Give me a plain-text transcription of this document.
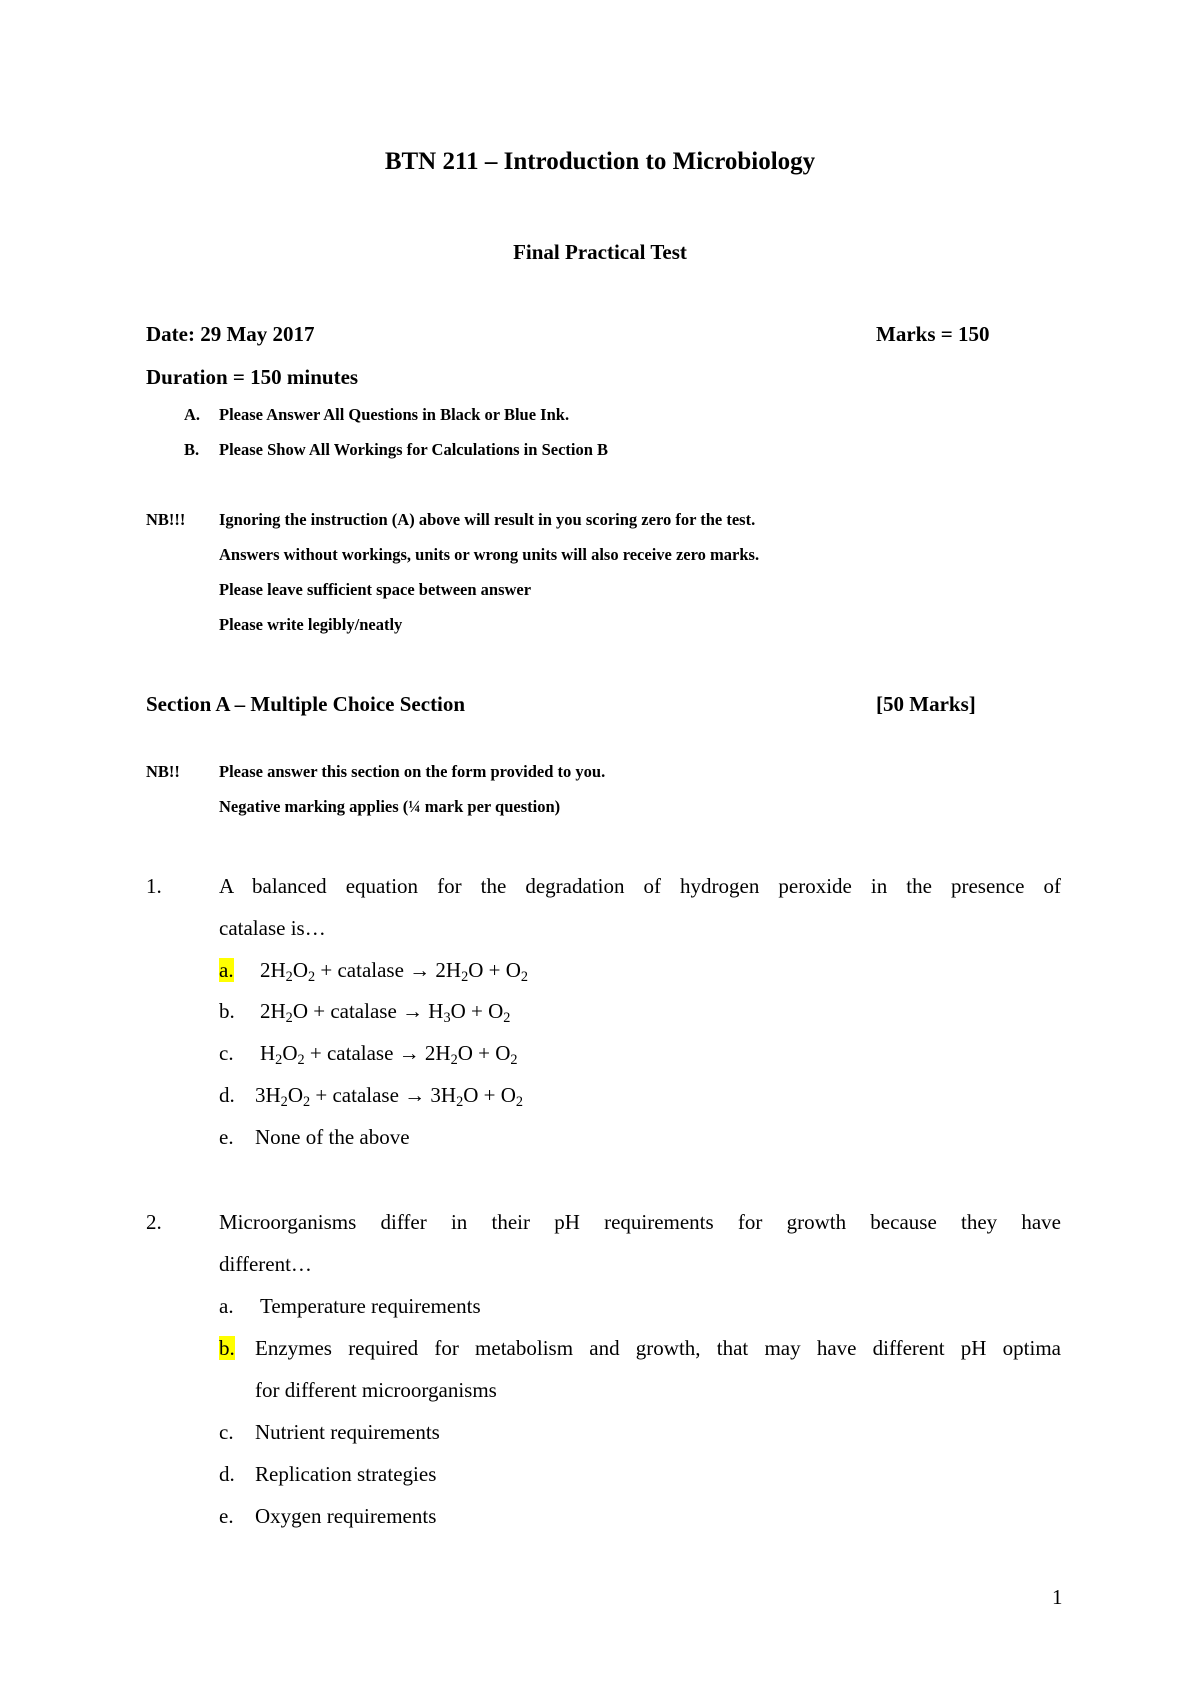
BTN 211 – Introduction to Microbiology
Final Practical Test
Date: 29 May 2017	Marks = 150
Duration = 150 minutes
A. Please Answer All Questions in Black or Blue Ink.
B. Please Show All Workings for Calculations in Section B
NB!!! Ignoring the instruction (A) above will result in you scoring zero for the test.
Answers without workings, units or wrong units will also receive zero marks.
Please leave sufficient space between answer
Please write legibly/neatly
Section A – Multiple Choice Section	[50 Marks]
NB!! Please answer this section on the form provided to you.
Negative marking applies (¼ mark per question)
1.	A balanced equation for the degradation of hydrogen peroxide in the presence of
catalase is…
a. $2H_2O_2$ + catalase → $2H_2O + O_2$
b. $2H_2O$ + catalase → $H_3O + O_2$
c. $H_2O_2$ + catalase → $2H_2O + O_2$
d. $3H_2O_2$ + catalase → $3H_2O + O_2$
e. None of the above
2.	Microorganisms differ in their pH requirements for growth because they have
different…
a. Temperature requirements
b. Enzymes required for metabolism and growth, that may have different pH optima
for different microorganisms
c. Nutrient requirements
d. Replication strategies
e. Oxygen requirements
1
